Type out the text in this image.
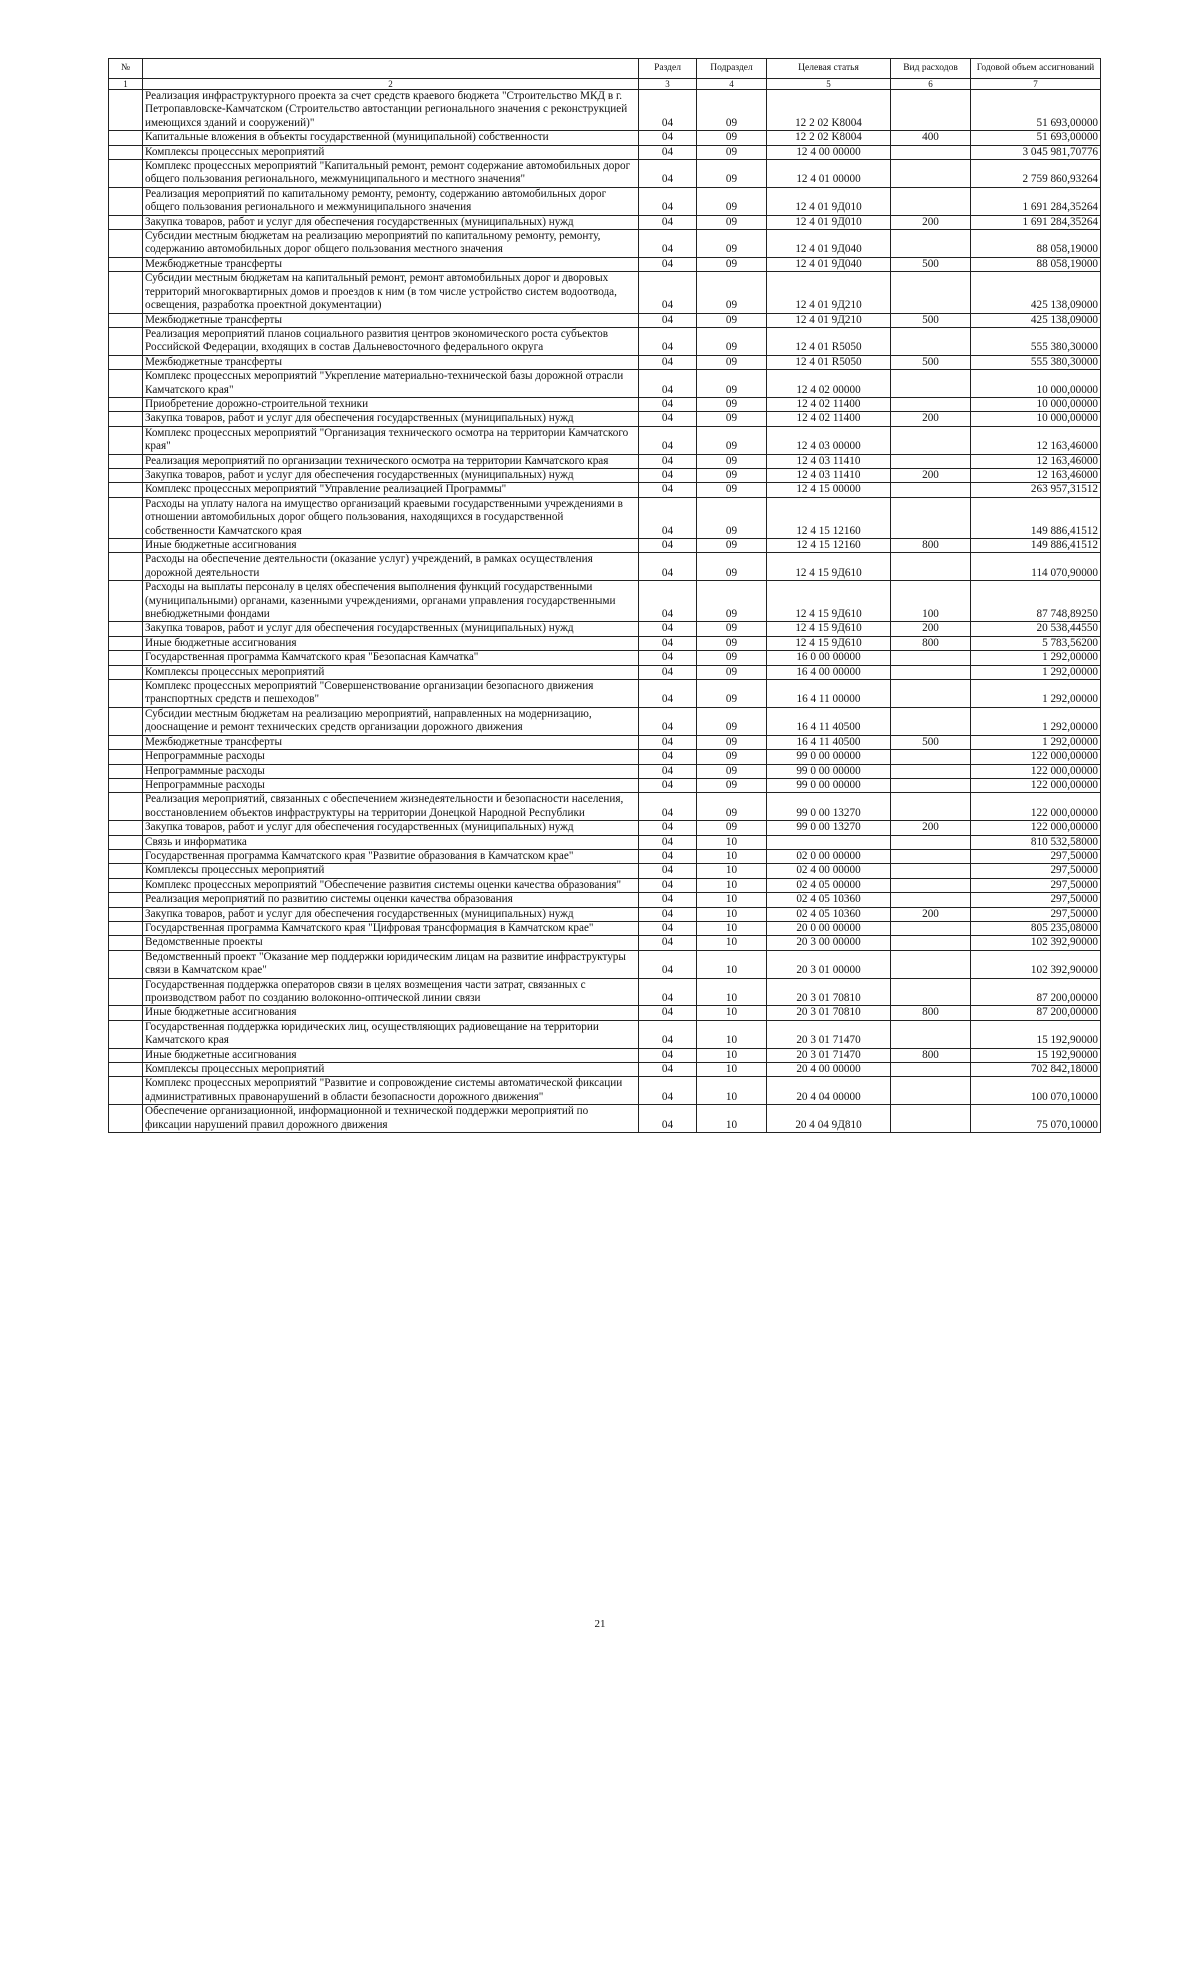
№		Раздел	Подраздел	Целевая статья	Вид расходов	Годовой объем ассигнований
1	2	3	4	5	6	7
	Реализация инфраструктурного проекта за счет средств краевого бюджета "Строительство МКД в г. Петропавловске-Камчатском (Строительство автостанции регионального значения с реконструкцией имеющихся зданий и сооружений)"	04	09	12 2 02 K8004		51 693,00000
	Капитальные вложения в объекты государственной (муниципальной) собственности	04	09	12 2 02 K8004	400	51 693,00000
	Комплексы процессных мероприятий	04	09	12 4 00 00000		3 045 981,70776
	Комплекс процессных мероприятий "Капитальный ремонт, ремонт содержание автомобильных дорог общего пользования регионального, межмуниципального и местного значения"	04	09	12 4 01 00000		2 759 860,93264
	Реализация мероприятий по капитальному ремонту, ремонту, содержанию автомобильных дорог общего пользования регионального и межмуниципального значения	04	09	12 4 01 9Д010		1 691 284,35264
	Закупка товаров, работ и услуг для обеспечения государственных (муниципальных) нужд	04	09	12 4 01 9Д010	200	1 691 284,35264
	Субсидии местным бюджетам на реализацию мероприятий по капитальному ремонту, ремонту, содержанию автомобильных дорог общего пользования местного значения	04	09	12 4 01 9Д040		88 058,19000
	Межбюджетные трансферты	04	09	12 4 01 9Д040	500	88 058,19000
	Субсидии местным бюджетам на капитальный ремонт, ремонт автомобильных дорог и дворовых территорий многоквартирных домов и проездов к ним (в том числе устройство систем водоотвода, освещения, разработка проектной документации)	04	09	12 4 01 9Д210		425 138,09000
	Межбюджетные трансферты	04	09	12 4 01 9Д210	500	425 138,09000
	Реализация мероприятий планов социального развития центров экономического роста субъектов Российской Федерации, входящих в состав Дальневосточного федерального округа	04	09	12 4 01 R5050		555 380,30000
	Межбюджетные трансферты	04	09	12 4 01 R5050	500	555 380,30000
	Комплекс процессных мероприятий "Укрепление материально-технической базы дорожной отрасли Камчатского края"	04	09	12 4 02 00000		10 000,00000
	Приобретение дорожно-строительной техники	04	09	12 4 02 11400		10 000,00000
	Закупка товаров, работ и услуг для обеспечения государственных (муниципальных) нужд	04	09	12 4 02 11400	200	10 000,00000
	Комплекс процессных мероприятий "Организация технического осмотра на территории Камчатского края"	04	09	12 4 03 00000		12 163,46000
	Реализация мероприятий по организации технического осмотра на территории Камчатского края	04	09	12 4 03 11410		12 163,46000
	Закупка товаров, работ и услуг для обеспечения государственных (муниципальных) нужд	04	09	12 4 03 11410	200	12 163,46000
	Комплекс процессных мероприятий "Управление реализацией Программы"	04	09	12 4 15 00000		263 957,31512
	Расходы на уплату налога на имущество организаций краевыми государственными учреждениями в отношении автомобильных дорог общего пользования, находящихся в государственной собственности Камчатского края	04	09	12 4 15 12160		149 886,41512
	Иные бюджетные ассигнования	04	09	12 4 15 12160	800	149 886,41512
	Расходы на обеспечение деятельности (оказание услуг) учреждений, в рамках осуществления дорожной деятельности	04	09	12 4 15 9Д610		114 070,90000
	Расходы на выплаты персоналу в целях обеспечения выполнения функций государственными (муниципальными) органами, казенными учреждениями, органами управления государственными внебюджетными фондами	04	09	12 4 15 9Д610	100	87 748,89250
	Закупка товаров, работ и услуг для обеспечения государственных (муниципальных) нужд	04	09	12 4 15 9Д610	200	20 538,44550
	Иные бюджетные ассигнования	04	09	12 4 15 9Д610	800	5 783,56200
	Государственная программа Камчатского края "Безопасная Камчатка"	04	09	16 0 00 00000		1 292,00000
	Комплексы процессных мероприятий	04	09	16 4 00 00000		1 292,00000
	Комплекс процессных мероприятий "Совершенствование организации безопасного движения транспортных средств и пешеходов"	04	09	16 4 11 00000		1 292,00000
	Субсидии местным бюджетам на реализацию мероприятий, направленных на модернизацию, дооснащение и ремонт технических средств организации дорожного движения	04	09	16 4 11 40500		1 292,00000
	Межбюджетные трансферты	04	09	16 4 11 40500	500	1 292,00000
	Непрограммные расходы	04	09	99 0 00 00000		122 000,00000
	Непрограммные расходы	04	09	99 0 00 00000		122 000,00000
	Непрограммные расходы	04	09	99 0 00 00000		122 000,00000
	Реализация мероприятий, связанных с обеспечением жизнедеятельности и безопасности населения, восстановлением объектов инфраструктуры на территории Донецкой Народной Республики	04	09	99 0 00 13270		122 000,00000
	Закупка товаров, работ и услуг для обеспечения государственных (муниципальных) нужд	04	09	99 0 00 13270	200	122 000,00000
	Связь и информатика	04	10			810 532,58000
	Государственная программа Камчатского края "Развитие образования в Камчатском крае"	04	10	02 0 00 00000		297,50000
	Комплексы процессных мероприятий	04	10	02 4 00 00000		297,50000
	Комплекс процессных мероприятий "Обеспечение развития системы оценки качества образования"	04	10	02 4 05 00000		297,50000
	Реализация мероприятий по развитию системы оценки качества образования	04	10	02 4 05 10360		297,50000
	Закупка товаров, работ и услуг для обеспечения государственных (муниципальных) нужд	04	10	02 4 05 10360	200	297,50000
	Государственная программа Камчатского края "Цифровая трансформация в Камчатском крае"	04	10	20 0 00 00000		805 235,08000
	Ведомственные проекты	04	10	20 3 00 00000		102 392,90000
	Ведомственный проект "Оказание мер поддержки юридическим лицам на развитие инфраструктуры связи в Камчатском крае"	04	10	20 3 01 00000		102 392,90000
	Государственная поддержка операторов связи в целях возмещения части затрат, связанных с производством работ по созданию волоконно-оптической линии связи	04	10	20 3 01 70810		87 200,00000
	Иные бюджетные ассигнования	04	10	20 3 01 70810	800	87 200,00000
	Государственная поддержка юридических лиц, осуществляющих радиовещание на территории Камчатского края	04	10	20 3 01 71470		15 192,90000
	Иные бюджетные ассигнования	04	10	20 3 01 71470	800	15 192,90000
	Комплексы процессных мероприятий	04	10	20 4 00 00000		702 842,18000
	Комплекс процессных мероприятий "Развитие и сопровождение системы автоматической фиксации административных правонарушений в области безопасности дорожного движения"	04	10	20 4 04 00000		100 070,10000
	Обеспечение организационной, информационной и технической поддержки мероприятий по фиксации нарушений правил дорожного движения	04	10	20 4 04 9Д810		75 070,10000
21
